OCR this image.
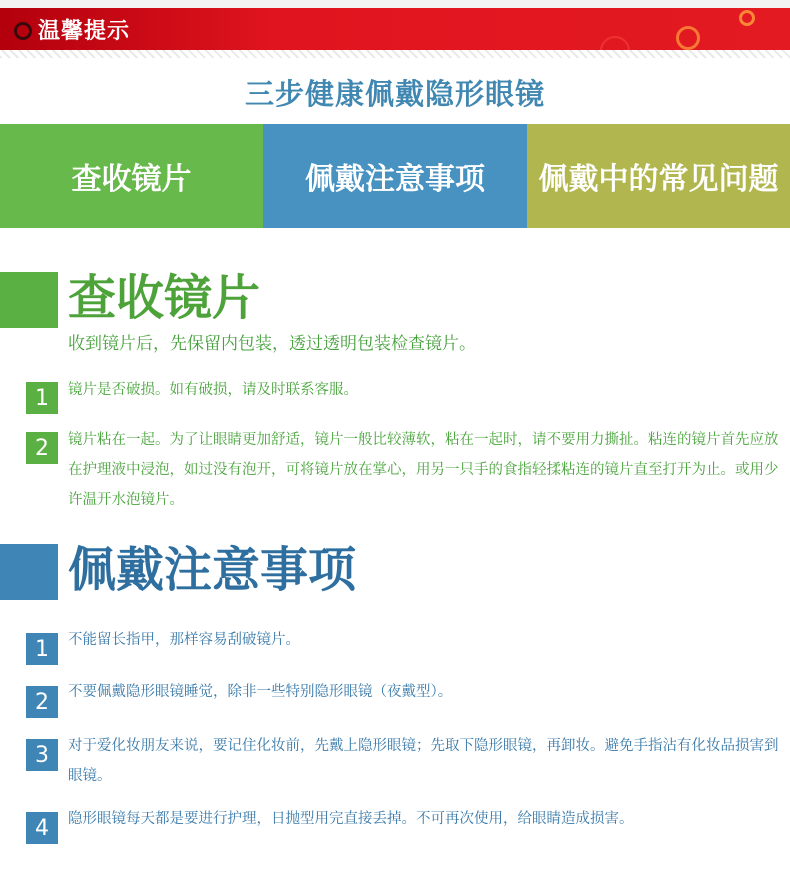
温馨提示
三步健康佩戴隐形眼镜
查收镜片	佩戴注意事项	佩戴中的常见问题
查收镜片
收到镜片后，先保留内包装，透过透明包装检查镜片。
1	镜片是否破损。如有破损，请及时联系客服。
2	镜片粘在一起。为了让眼睛更加舒适，镜片一般比较薄软，粘在一起时，请不要用力撕扯。粘连的镜片首先应放在护理液中浸泡，如过没有泡开，可将镜片放在掌心，用另一只手的食指轻揉粘连的镜片直至打开为止。或用少许温开水泡镜片。
佩戴注意事项
1	不能留长指甲，那样容易刮破镜片。
2	不要佩戴隐形眼镜睡觉，除非一些特别隐形眼镜（夜戴型）。
3	对于爱化妆朋友来说，要记住化妆前，先戴上隐形眼镜；先取下隐形眼镜，再卸妆。避免手指沾有化妆品损害到眼镜。
4	隐形眼镜每天都是要进行护理，日抛型用完直接丢掉。不可再次使用，给眼睛造成损害。
